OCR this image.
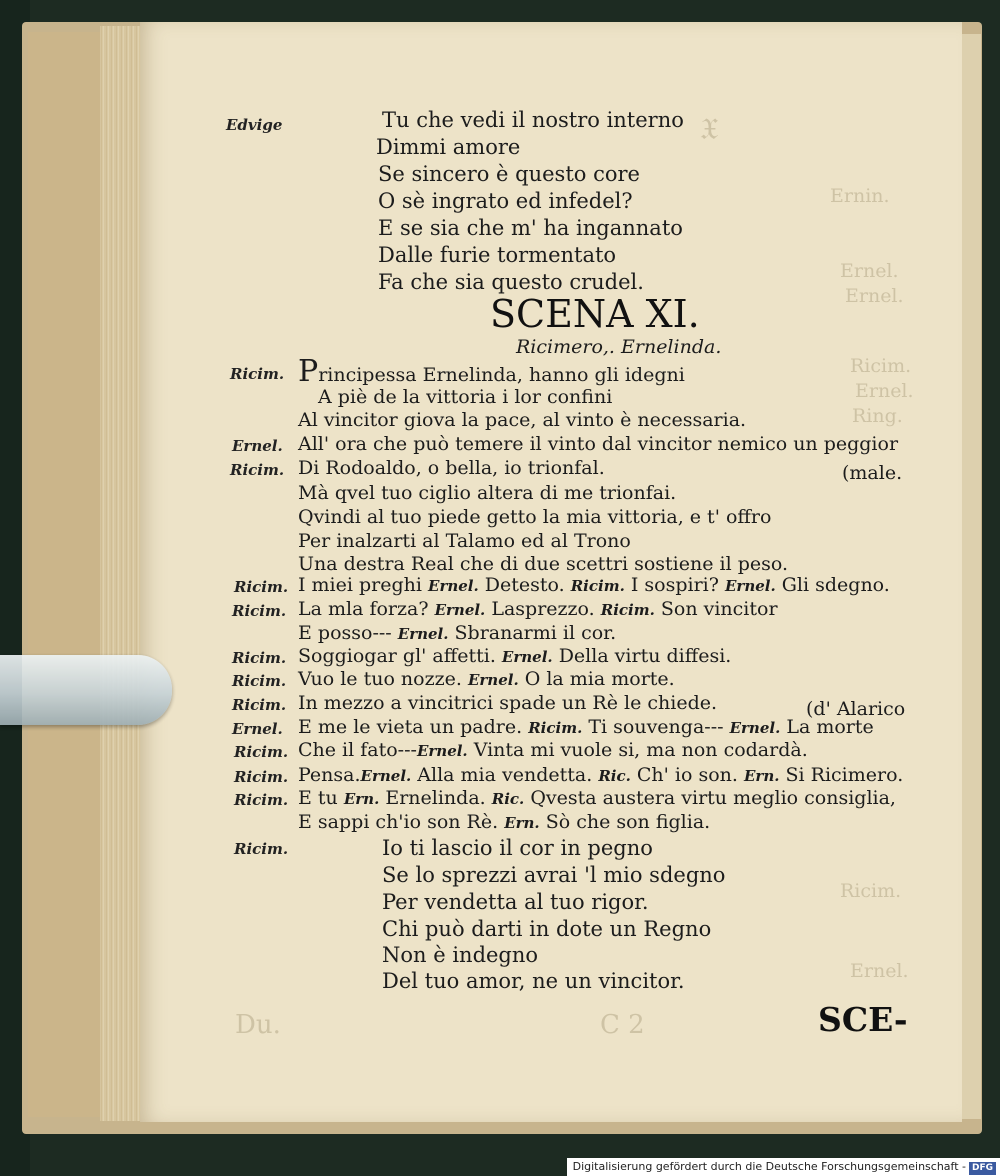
𝔛
Ernin.
Ernel.
Ernel.
Ricim.
Ernel.
Ring.
Ricim.
Ernel.
C 2
Du.
Edvige	Tu che vedi il nostro interno
Dimmi amore
Se sincero è questo core
O sè ingrato ed infedel?
E se sia che m' ha ingannato
Dalle furie tormentato
Fa che sia questo crudel.
SCENA XI.
Ricimero,. Ernelinda.
Ricim. Principessa Ernelinda, hanno gli idegni
A piè de la vittoria i lor confini
Al vincitor giova la pace, al vinto è necessaria.
Ernel. All' ora che può temere il vinto dal vincitor nemico un peggior
Ricim. Di Rodoaldo, o bella, io trionfal.	(male.
Mà qvel tuo ciglio altera di me trionfai.
Qvindi al tuo piede getto la mia vittoria, e t' offro
Per inalzarti al Talamo ed al Trono
Una destra Real che di due scettri sostiene il peso.
Ricim. I miei preghi Ernel. Detesto. Ricim. I sospiri? Ernel. Gli sdegno.
Ricim. La mla forza? Ernel. Lasprezzo. Ricim. Son vincitor
E posso--- Ernel. Sbranarmi il cor.
Ricim. Soggiogar gl' affetti. Ernel. Della virtu diffesi.
Ricim. Vuo le tuo nozze. Ernel. O la mia morte.
Ricim. In mezzo a vincitrici spade un Rè le chiede.	(d' Alarico
Ernel. E me le vieta un padre. Ricim. Ti souvenga--- Ernel. La morte
Ricim. Che il fato---Ernel. Vinta mi vuole si, ma non codardà.
Ricim. Pensa.Ernel. Alla mia vendetta. Ric. Ch' io son. Ern. Si Ricimero.
Ricim. E tu Ern. Ernelinda. Ric. Qvesta austera virtu meglio consiglia,
E sappi ch'io son Rè. Ern. Sò che son figlia.
Ricim.	Io ti lascio il cor in pegno
Se lo sprezzi avrai 'l mio sdegno
Per vendetta al tuo rigor.
Chi può darti in dote un Regno
Non è indegno
Del tuo amor, ne un vincitor.
SCE-
Digitalisierung gefördert durch die Deutsche Forschungsgemeinschaft - DFG
